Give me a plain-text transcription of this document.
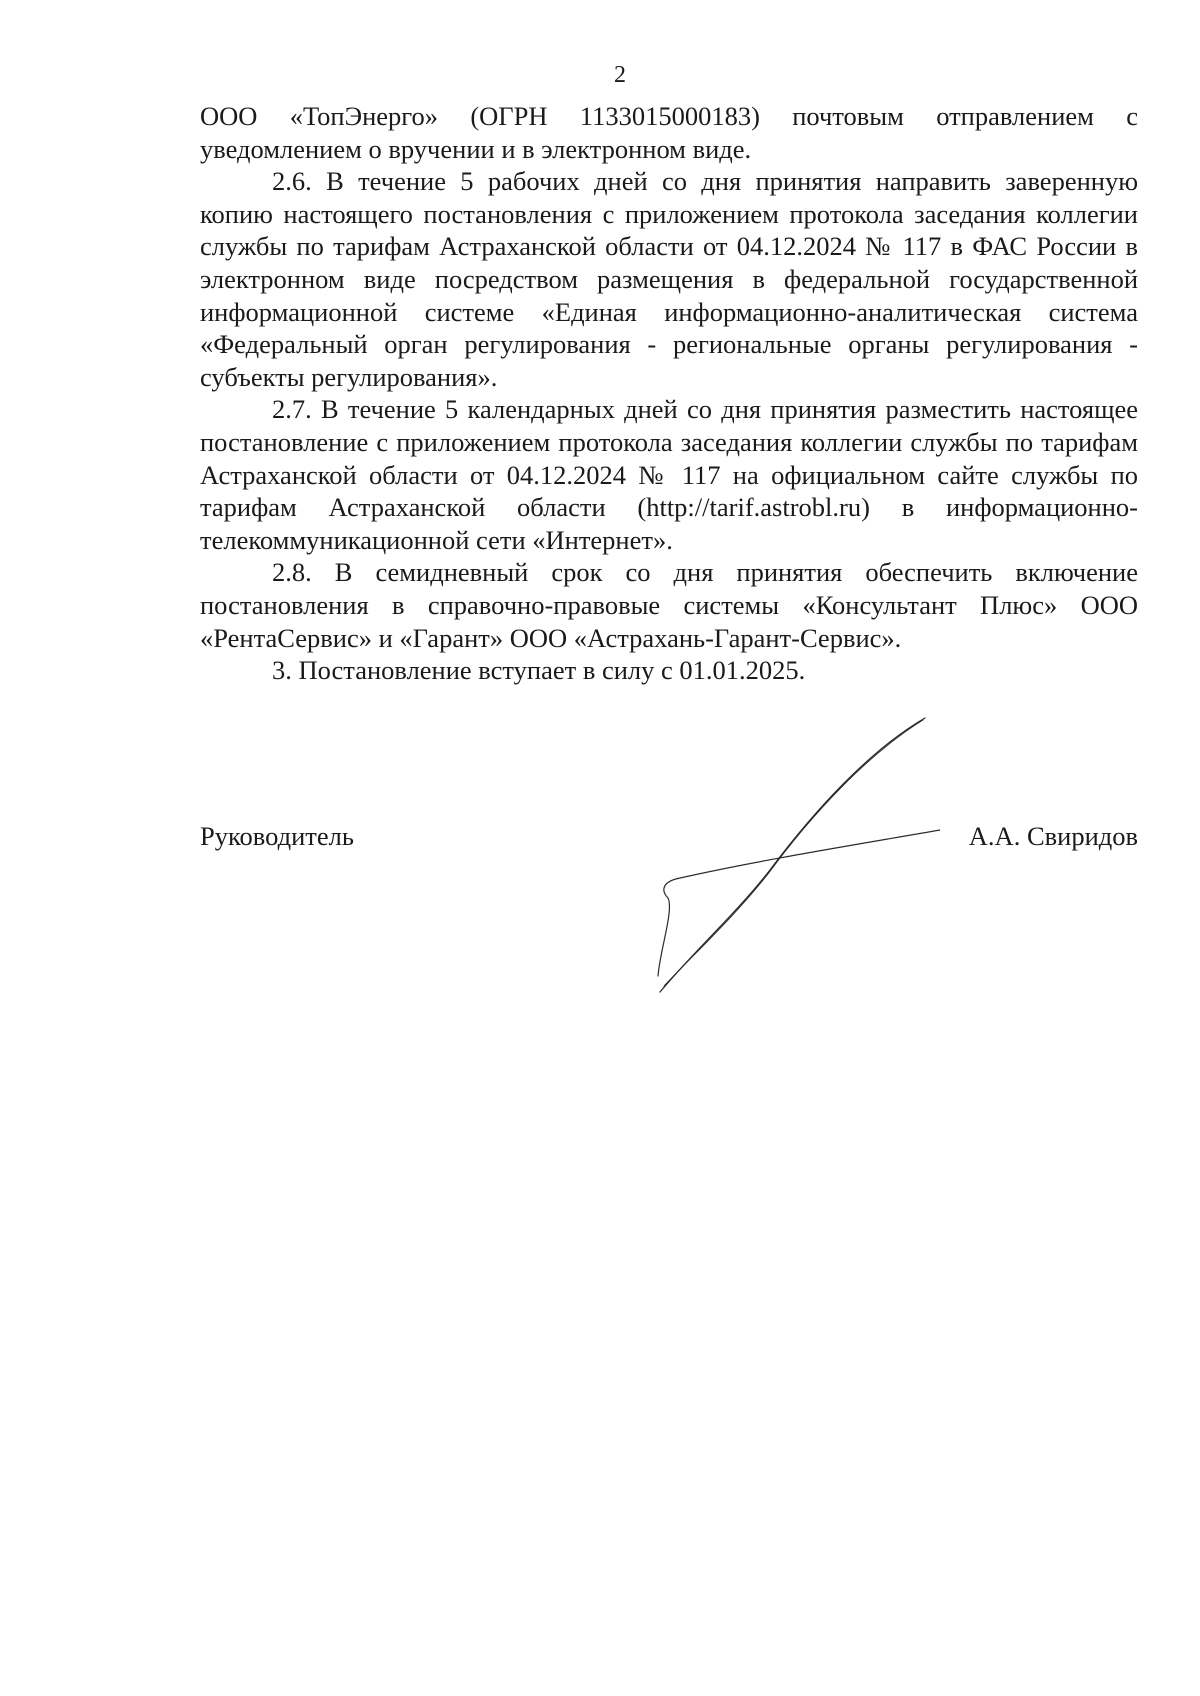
2

ООО «ТопЭнерго» (ОГРН 1133015000183) почтовым отправлением с уведомлением о вручении и в электронном виде.

2.6. В течение 5 рабочих дней со дня принятия направить заверенную копию настоящего постановления с приложением протокола заседания коллегии службы по тарифам Астраханской области от 04.12.2024 № 117 в ФАС России в электронном виде посредством размещения в федеральной государственной информационной системе «Единая информационно-аналитическая система «Федеральный орган регулирования - региональные органы регулирования - субъекты регулирования».

2.7. В течение 5 календарных дней со дня принятия разместить настоящее постановление с приложением протокола заседания коллегии службы по тарифам Астраханской области от 04.12.2024 № 117 на официальном сайте службы по тарифам Астраханской области (http://tarif.astrobl.ru) в информационно-телекоммуникационной сети «Интернет».

2.8. В семидневный срок со дня принятия обеспечить включение постановления в справочно-правовые системы «Консультант Плюс» ООО «РентаСервис» и «Гарант» ООО «Астрахань-Гарант-Сервис».

3. Постановление вступает в силу с 01.01.2025.

Руководитель	А.А. Свиридов
